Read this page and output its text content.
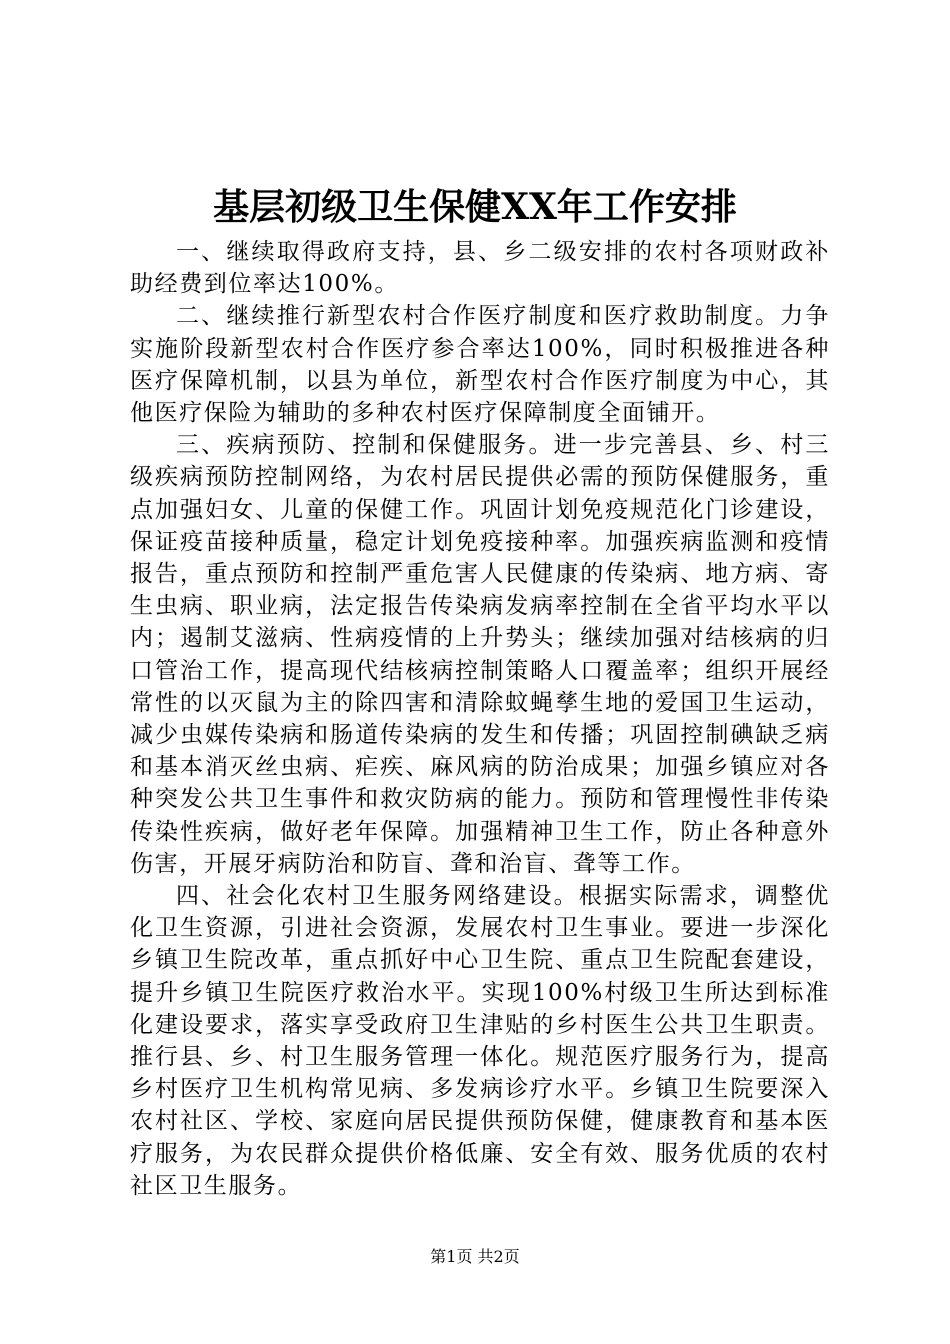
基层初级卫生保健XX年工作安排

一、继续取得政府支持，县、乡二级安排的农村各项财政补助经费到位率达100%。

二、继续推行新型农村合作医疗制度和医疗救助制度。力争实施阶段新型农村合作医疗参合率达100%，同时积极推进各种医疗保障机制，以县为单位，新型农村合作医疗制度为中心，其他医疗保险为辅助的多种农村医疗保障制度全面铺开。

三、疾病预防、控制和保健服务。进一步完善县、乡、村三级疾病预防控制网络，为农村居民提供必需的预防保健服务，重点加强妇女、儿童的保健工作。巩固计划免疫规范化门诊建设，保证疫苗接种质量，稳定计划免疫接种率。加强疾病监测和疫情报告，重点预防和控制严重危害人民健康的传染病、地方病、寄生虫病、职业病，法定报告传染病发病率控制在全省平均水平以内；遏制艾滋病、性病疫情的上升势头；继续加强对结核病的归口管治工作，提高现代结核病控制策略人口覆盖率；组织开展经常性的以灭鼠为主的除四害和清除蚊蝇孳生地的爱国卫生运动，减少虫媒传染病和肠道传染病的发生和传播；巩固控制碘缺乏病和基本消灭丝虫病、疟疾、麻风病的防治成果；加强乡镇应对各种突发公共卫生事件和救灾防病的能力。预防和管理慢性非传染传染性疾病，做好老年保障。加强精神卫生工作，防止各种意外伤害，开展牙病防治和防盲、聋和治盲、聋等工作。

四、社会化农村卫生服务网络建设。根据实际需求，调整优化卫生资源，引进社会资源，发展农村卫生事业。要进一步深化乡镇卫生院改革，重点抓好中心卫生院、重点卫生院配套建设，提升乡镇卫生院医疗救治水平。实现100%村级卫生所达到标准化建设要求，落实享受政府卫生津贴的乡村医生公共卫生职责。推行县、乡、村卫生服务管理一体化。规范医疗服务行为，提高乡村医疗卫生机构常见病、多发病诊疗水平。乡镇卫生院要深入农村社区、学校、家庭向居民提供预防保健，健康教育和基本医疗服务，为农民群众提供价格低廉、安全有效、服务优质的农村社区卫生服务。

第1页 共2页
